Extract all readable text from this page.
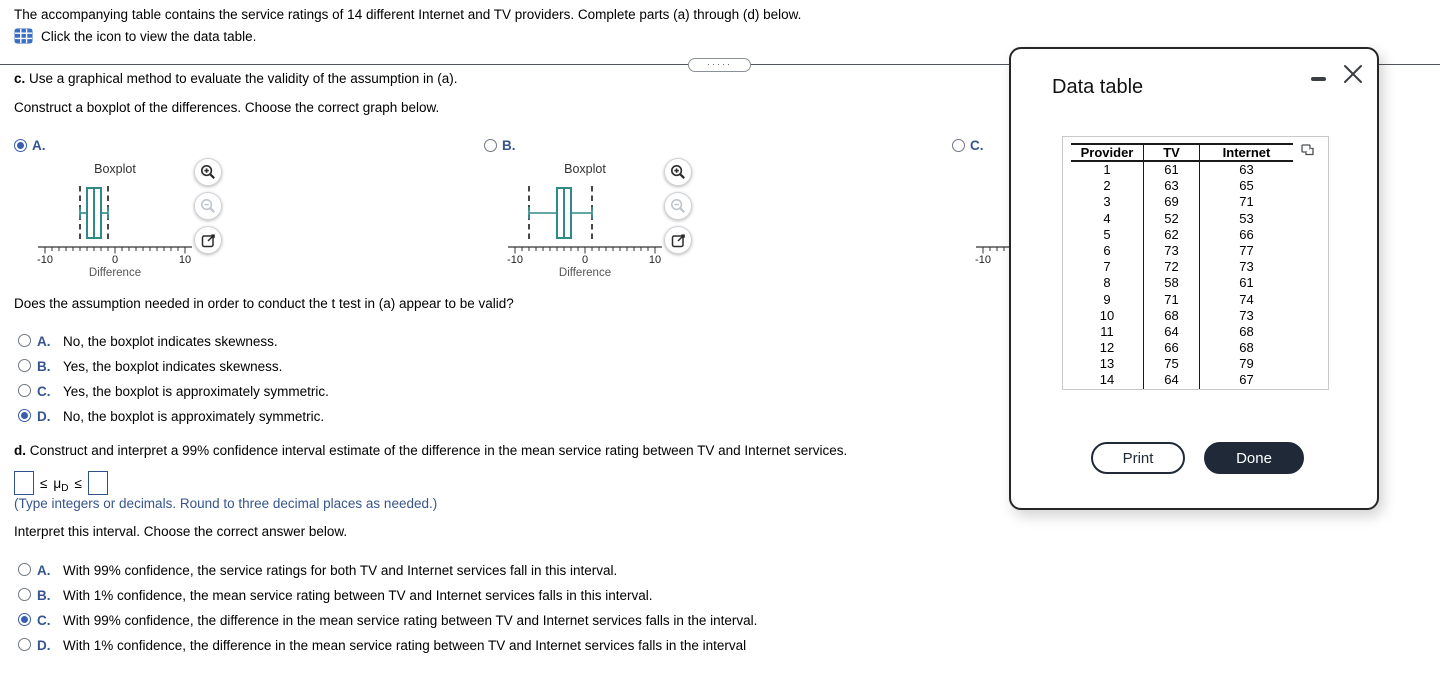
The accompanying table contains the service ratings of 14 different Internet and TV providers. Complete parts (a) through (d) below.
Click the icon to view the data table.
·····
c. Use a graphical method to evaluate the validity of the assumption in (a).
Construct a boxplot of the differences. Choose the correct graph below.
A.
Boxplot
-10	0	10
Difference
B.
Boxplot
-10	0	10
Difference
C.
-10
Does the assumption needed in order to conduct the t test in (a) appear to be valid?
A. No, the boxplot indicates skewness.
B. Yes, the boxplot indicates skewness.
C. Yes, the boxplot is approximately symmetric.
D. No, the boxplot is approximately symmetric.
d. Construct and interpret a 99% confidence interval estimate of the difference in the mean service rating between TV and Internet services.
≤ $\mu_D$ ≤
(Type integers or decimals. Round to three decimal places as needed.)
Interpret this interval. Choose the correct answer below.
A. With 99% confidence, the service ratings for both TV and Internet services fall in this interval.
B. With 1% confidence, the mean service rating between TV and Internet services falls in this interval.
C. With 99% confidence, the difference in the mean service rating between TV and Internet services falls in the interval.
D. With 1% confidence, the difference in the mean service rating between TV and Internet services falls in the interval
Data table
Provider	TV	Internet
1	61	63
2	63	65
3	69	71
4	52	53
5	62	66
6	73	77
7	72	73
8	58	61
9	71	74
10	68	73
11	64	68
12	66	68
13	75	79
14	64	67
Print	Done
